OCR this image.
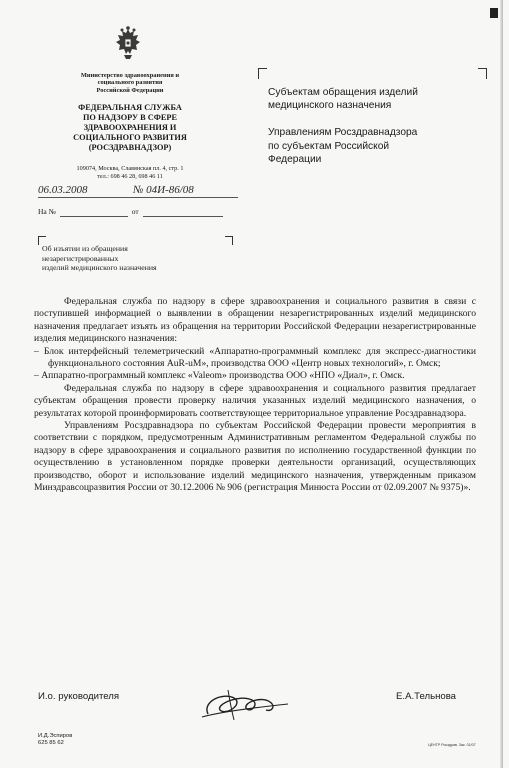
Министерство здравоохранения и
социального развития
Российской Федерации
ФЕДЕРАЛЬНАЯ СЛУЖБА
ПО НАДЗОРУ В СФЕРЕ
ЗДРАВООХРАНЕНИЯ И
СОЦИАЛЬНОГО РАЗВИТИЯ
(РОСЗДРАВНАДЗОР)
109074, Москва, Славянская пл. 4, стр. 1
тел.: 698 46 28, 698 46 11
06.03.2008	№ 04И-86/08
На №	от
Об изъятии из обращения
незарегистрированных
изделий медицинского назначения
Субъектам обращения изделий
медицинского назначения
Управлениям Росздравнадзора
по субъектам Российской
Федерации

Федеральная служба по надзору в сфере здравоохранения и социального развития в связи с поступившей информацией о выявлении в обращении незарегистрированных изделий медицинского назначения предлагает изъять из обращения на территории Российской Федерации незарегистрированные изделия медицинского назначения:

– Блок интерфейсный телеметрический «Аппаратно-программный комплекс для экспресс-диагностики функционального состояния AuR-uM», производства ООО «Центр новых технологий», г. Омск;

– Аппаратно-программный комплекс «Valeom» производства ООО «НПО «Диал», г. Омск.

Федеральная служба по надзору в сфере здравоохранения и социального развития предлагает субъектам обращения провести проверку наличия указанных изделий медицинского назначения, о результатах которой проинформировать соответствующее территориальное управление Росздравнадзора.

Управлениям Росздравнадзора по субъектам Российской Федерации провести мероприятия в соответствии с порядком, предусмотренным Административным регламентом Федеральной службы по надзору в сфере здравоохранения и социального развития по исполнению государственной функции по осуществлению в установленном порядке проверки деятельности организаций, осуществляющих производство, оборот и использование изделий медицинского назначения, утвержденным приказом Минздравсоцразвития России от 30.12.2006 № 906 (регистрация Минюста России от 02.09.2007 № 9375)».

И.о. руководителя	Е.А.Тельнова
И.Д.Эспиров
625 85 62	ЦЕНТР Росздрав. Зак. 01/07
